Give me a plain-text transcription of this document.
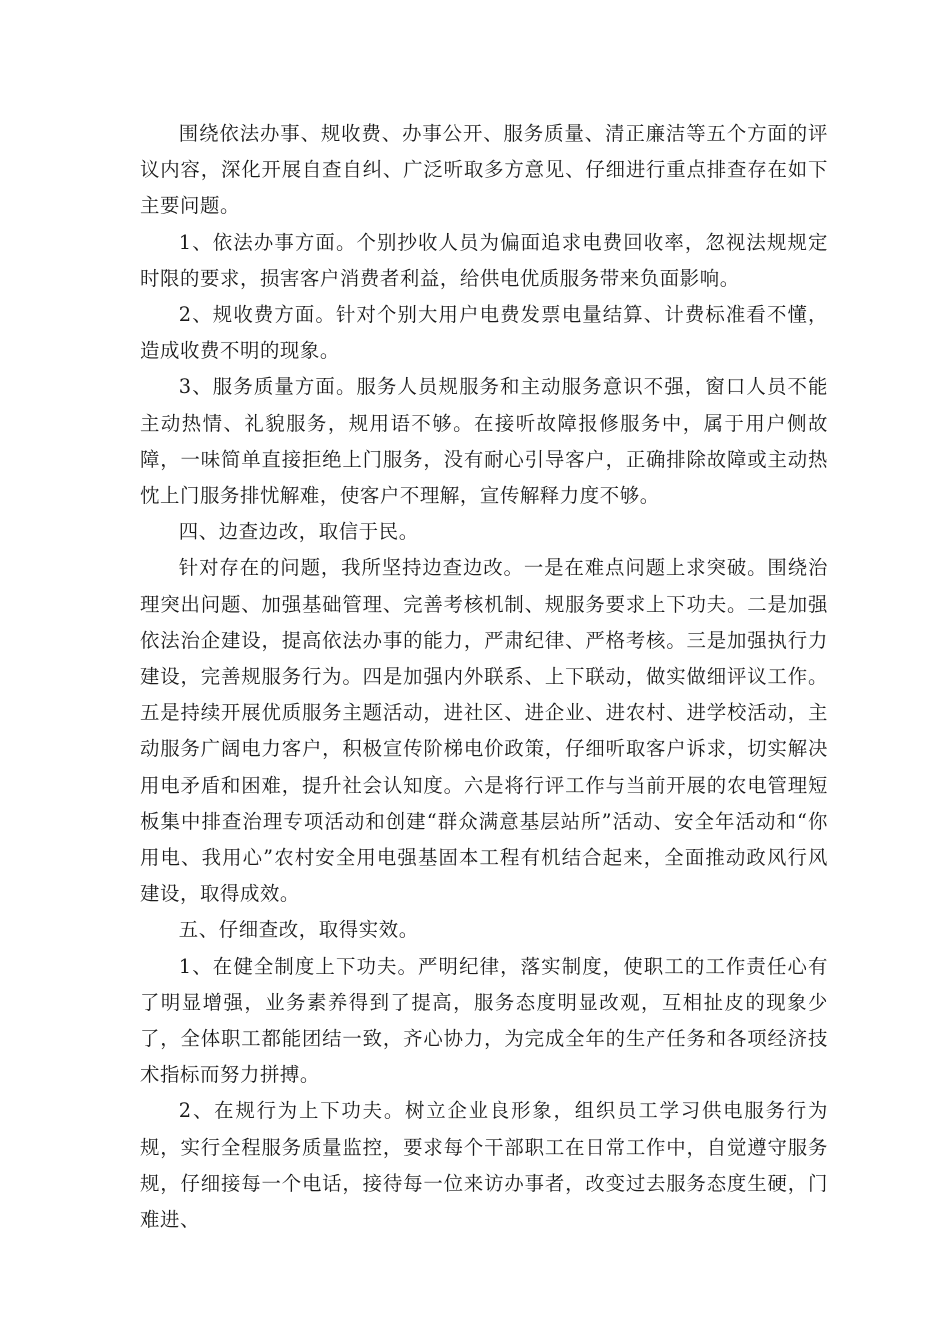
围绕依法办事、规收费、办事公开、服务质量、清正廉洁等五个方面的评议内容，深化开展自查自纠、广泛听取多方意见、仔细进行重点排查存在如下主要问题。

1、依法办事方面。个别抄收人员为偏面追求电费回收率，忽视法规规定时限的要求，损害客户消费者利益，给供电优质服务带来负面影响。

2、规收费方面。针对个别大用户电费发票电量结算、计费标准看不懂，造成收费不明的现象。

3、服务质量方面。服务人员规服务和主动服务意识不强，窗口人员不能主动热情、礼貌服务，规用语不够。在接听故障报修服务中，属于用户侧故障，一味简单直接拒绝上门服务，没有耐心引导客户，正确排除故障或主动热忱上门服务排忧解难，使客户不理解，宣传解释力度不够。

四、边查边改，取信于民。

针对存在的问题，我所坚持边查边改。一是在难点问题上求突破。围绕治理突出问题、加强基础管理、完善考核机制、规服务要求上下功夫。二是加强依法治企建设，提高依法办事的能力，严肃纪律、严格考核。三是加强执行力建设，完善规服务行为。四是加强内外联系、上下联动，做实做细评议工作。五是持续开展优质服务主题活动，进社区、进企业、进农村、进学校活动，主动服务广阔电力客户，积极宣传阶梯电价政策，仔细听取客户诉求，切实解决用电矛盾和困难，提升社会认知度。六是将行评工作与当前开展的农电管理短板集中排查治理专项活动和创建“群众满意基层站所”活动、安全年活动和“你用电、我用心”农村安全用电强基固本工程有机结合起来，全面推动政风行风建设，取得成效。

五、仔细查改，取得实效。

1、在健全制度上下功夫。严明纪律，落实制度，使职工的工作责任心有了明显增强，业务素养得到了提高，服务态度明显改观，互相扯皮的现象少了，全体职工都能团结一致，齐心协力，为完成全年的生产任务和各项经济技术指标而努力拼搏。

2、在规行为上下功夫。树立企业良形象，组织员工学习供电服务行为规，实行全程服务质量监控，要求每个干部职工在日常工作中，自觉遵守服务规，仔细接每一个电话，接待每一位来访办事者，改变过去服务态度生硬，门难进、
